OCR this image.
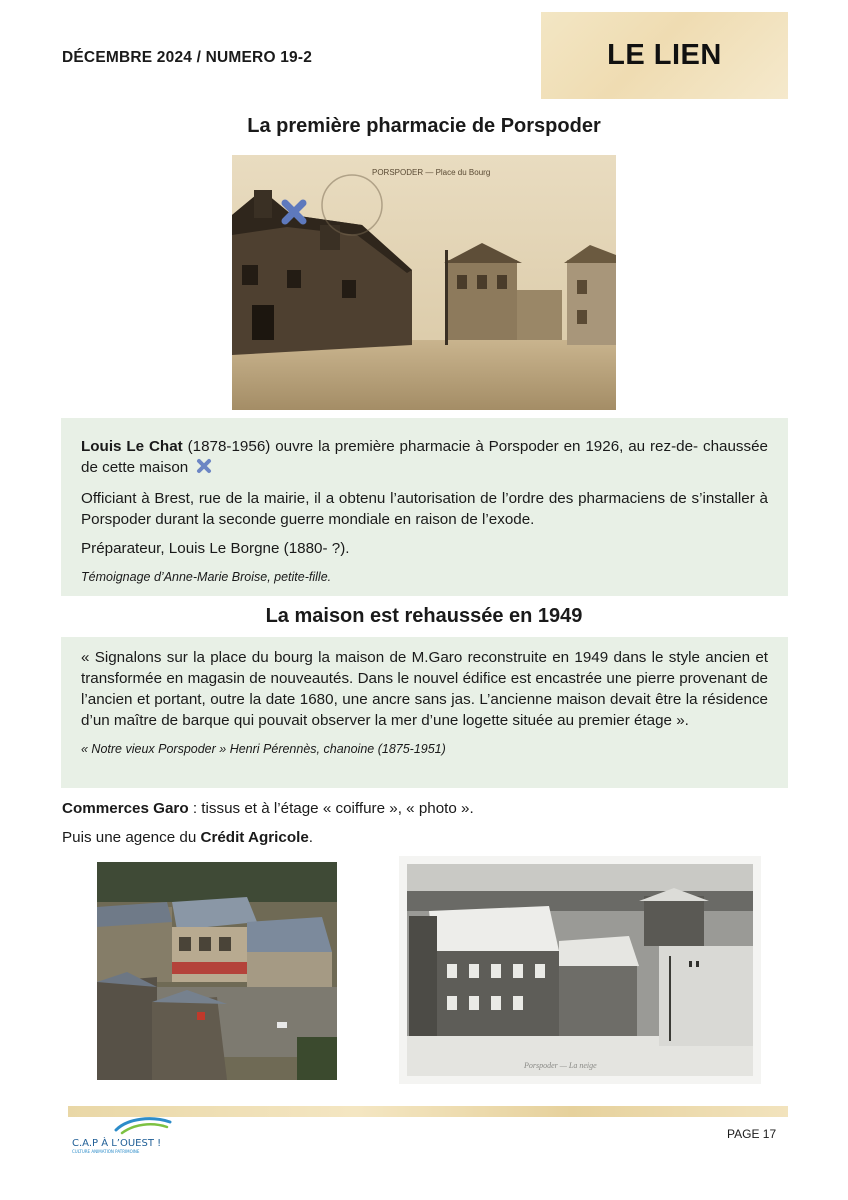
DÉCEMBRE 2024 / NUMERO 19-2	LE LIEN
La première pharmacie de Porspoder
PORSPODER — Place du Bourg

Louis Le Chat (1878-1956) ouvre la première pharmacie à Porspoder en 1926, au rez-de- chaussée de cette maison

Officiant à Brest, rue de la mairie, il a obtenu l’autorisation de l’ordre des pharmaciens de s’installer à Porspoder durant la seconde guerre mondiale en raison de l’exode.

Préparateur, Louis Le Borgne (1880- ?).

Témoignage d’Anne-Marie Broise, petite-fille.

La maison est rehaussée en 1949

« Signalons sur la place du bourg la maison de M.Garo reconstruite en 1949 dans le style ancien et transformée en magasin de nouveautés. Dans le nouvel édifice est encastrée une pierre provenant de l’ancien et portant, outre la date 1680, une ancre sans jas. L’ancienne maison devait être la résidence d’un maître de barque qui pouvait observer la mer d’une logette située au premier étage ».

« Notre vieux Porspoder » Henri Pérennès, chanoine (1875-1951)

Commerces Garo : tissus et à l’étage « coiffure », « photo ».

Puis une agence du Crédit Agricole.

Porspoder — La neige
C.A.P À L’OUEST !
CULTURE ANIMATION PATRIMOINE
PAGE 17
